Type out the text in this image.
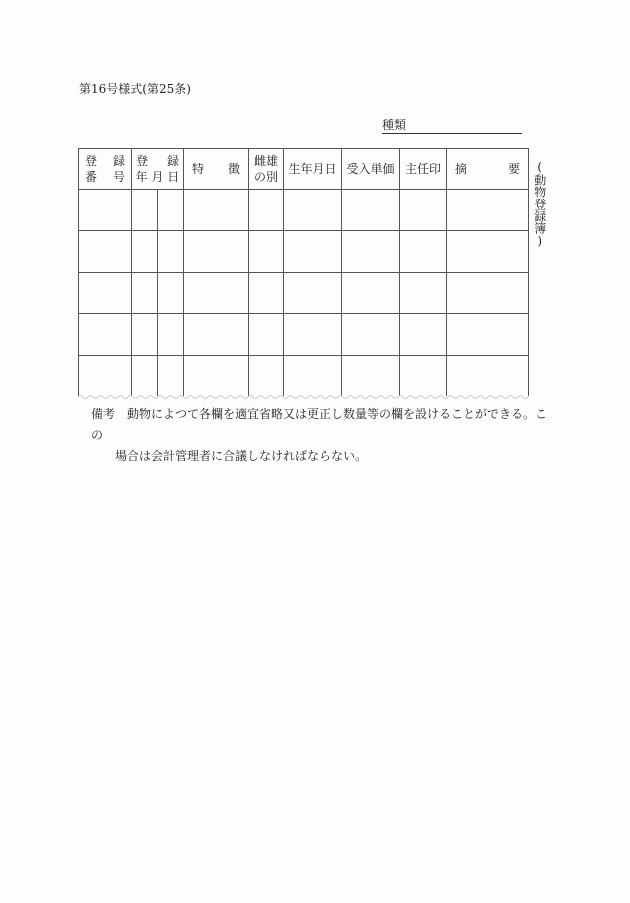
第16号様式(第25条)
種類
登 録
番 号
登 録
年 月 日
特 徴
雌雄
の別
生年月日 受入単価 主任印 摘	要 (動物登録簿)
備考 動物によつて各欄を適宜省略又は更正し数量等の欄を設けることができる。この
場合は会計管理者に合議しなければならない。
